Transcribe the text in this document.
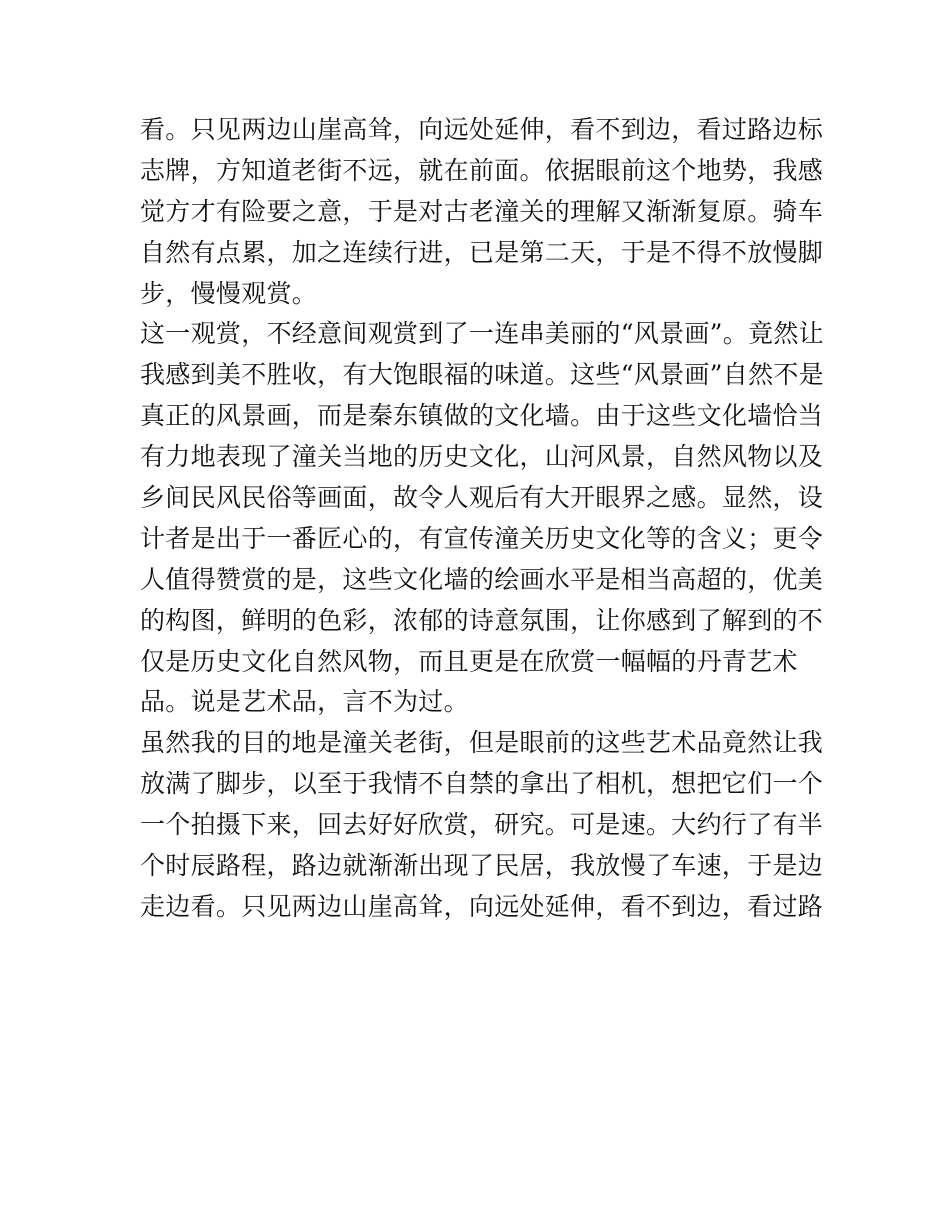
看。只见两边山崖高耸，向远处延伸，看不到边，看过路边标
志牌，方知道老街不远，就在前面。依据眼前这个地势，我感
觉方才有险要之意，于是对古老潼关的理解又渐渐复原。骑车
自然有点累，加之连续行进，已是第二天，于是不得不放慢脚
步，慢慢观赏。
这一观赏，不经意间观赏到了一连串美丽的“风景画”。竟然让
我感到美不胜收，有大饱眼福的味道。这些“风景画”自然不是
真正的风景画，而是秦东镇做的文化墙。由于这些文化墙恰当
有力地表现了潼关当地的历史文化，山河风景，自然风物以及
乡间民风民俗等画面，故令人观后有大开眼界之感。显然，设
计者是出于一番匠心的，有宣传潼关历史文化等的含义；更令
人值得赞赏的是，这些文化墙的绘画水平是相当高超的，优美
的构图，鲜明的色彩，浓郁的诗意氛围，让你感到了解到的不
仅是历史文化自然风物，而且更是在欣赏一幅幅的丹青艺术
品。说是艺术品，言不为过。
虽然我的目的地是潼关老街，但是眼前的这些艺术品竟然让我
放满了脚步，以至于我情不自禁的拿出了相机，想把它们一个
一个拍摄下来，回去好好欣赏，研究。可是速。大约行了有半
个时辰路程，路边就渐渐出现了民居，我放慢了车速，于是边
走边看。只见两边山崖高耸，向远处延伸，看不到边，看过路
